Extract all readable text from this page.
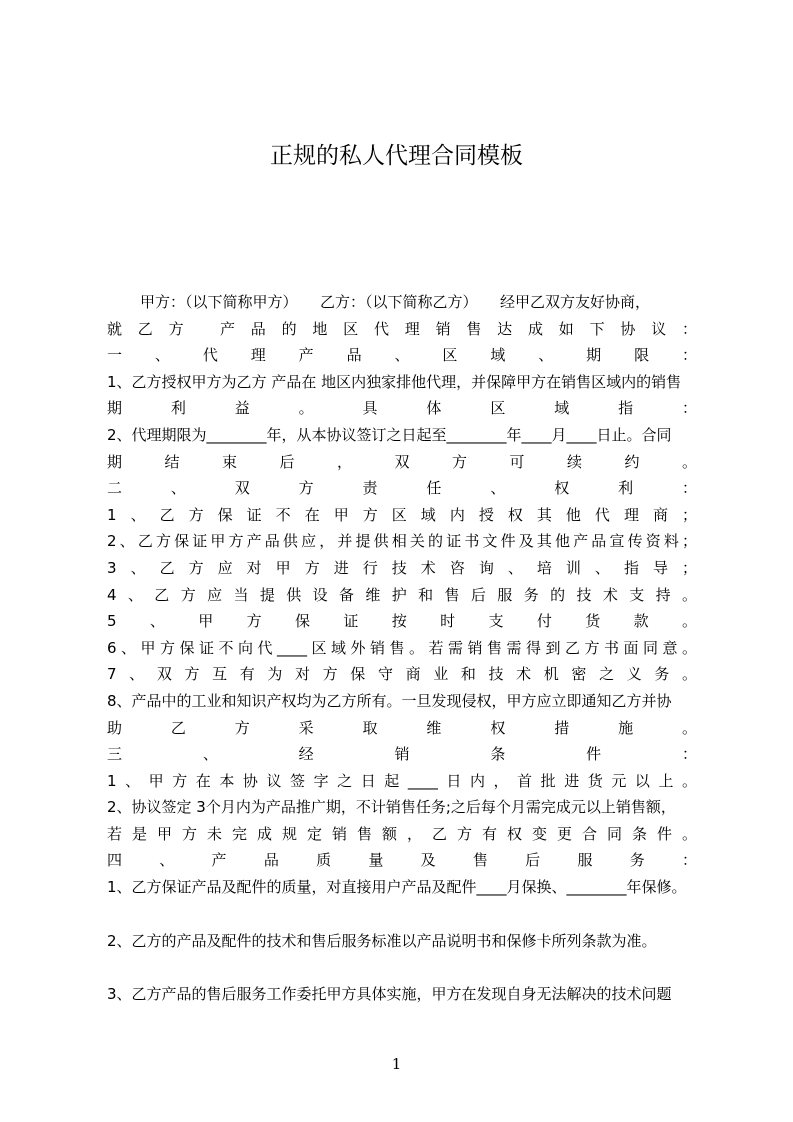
正规的私人代理合同模板
甲方：（以下简称甲方）　　乙方：（以下简称乙方）　　经甲乙双方友好协商，
就乙方 产品的地区代理销售达成如下协议：
一、代理产品、区域、期限：
1、乙方授权甲方为乙方 产品在 地区内独家排他代理，并保障甲方在销售区域内的销售
期利益。具体区域指：
2、代理期限为________年，从本协议签订之日起至________年____月____日止。合同
期结束后，双方可续约。
二、双方责任、权利：
1、乙方保证不在甲方区域内授权其他代理商；
2、乙方保证甲方产品供应，并提供相关的证书文件及其他产品宣传资料；
3、乙方应对甲方进行技术咨询、培训、指导；
4、乙方应当提供设备维护和售后服务的技术支持。
5、甲方保证按时支付货款。
6、甲方保证不向代____区域外销售。若需销售需得到乙方书面同意。
7、双方互有为对方保守商业和技术机密之义务。
8、产品中的工业和知识产权均为乙方所有。一旦发现侵权，甲方应立即通知乙方并协
助乙方采取维权措施。
三、经销条件：
1、甲方在本协议签字之日起____日内，首批进货元以上。
2、协议签定 3个月内为产品推广期，不计销售任务;之后每个月需完成元以上销售额，
若是甲方未完成规定销售额，乙方有权变更合同条件。
四、产品质量及售后服务：
1、乙方保证产品及配件的质量，对直接用户产品及配件____月保换、________年保修。
2、乙方的产品及配件的技术和售后服务标准以产品说明书和保修卡所列条款为准。
3、乙方产品的售后服务工作委托甲方具体实施，甲方在发现自身无法解决的技术问题
1
